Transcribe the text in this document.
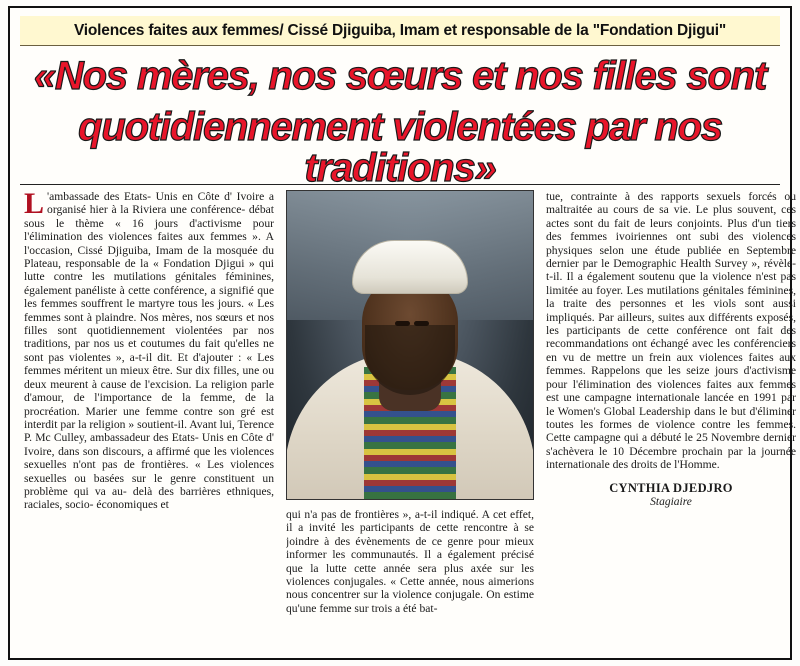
Violences faites aux femmes/ Cissé Djiguiba, Imam et responsable de la "Fondation Djigui"
«Nos mères, nos sœurs et nos filles sont
quotidiennement violentées par nos traditions»
L 'ambassade des Etats- Unis en Côte d' Ivoire a organisé hier à la Riviera une conférence- débat sous le thème « 16 jours d'activisme pour l'élimination des violences faites aux femmes ». A l'occasion, Cissé Djiguiba, Imam de la mosquée du Plateau, responsable de la « Fondation Djigui » qui lutte contre les mutilations génitales féminines, également panéliste à cette conférence, a signifié que les femmes souffrent le martyre tous les jours. « Les femmes sont à plaindre. Nos mères, nos sœurs et nos filles sont quotidiennement violentées par nos traditions, par nos us et coutumes du fait qu'elles ne sont pas violentes », a-t-il dit. Et d'ajouter : « Les femmes méritent un mieux être. Sur dix filles, une ou deux meurent à cause de l'excision. La religion parle d'amour, de l'importance de la femme, de la procréation. Marier une femme contre son gré est interdit par la religion » soutient-il. Avant lui, Terence P. Mc Culley, ambassadeur des Etats- Unis en Côte d' Ivoire, dans son discours, a affirmé que les violences sexuelles n'ont pas de frontières. « Les violences sexuelles ou basées sur le genre constituent un problème qui va au- delà des barrières ethniques, raciales, socio- économiques et

qui n'a pas de frontières », a-t-il indiqué. A cet effet, il a invité les participants de cette rencontre à se joindre à des évènements de ce genre pour mieux informer les communautés. Il a également précisé que la lutte cette année sera plus axée sur les violences conjugales. « Cette année, nous aimerions nous concentrer sur la violence conjugale. On estime qu'une femme sur trois a été bat-

tue, contrainte à des rapports sexuels forcés ou maltraitée au cours de sa vie. Le plus souvent, ces actes sont du fait de leurs conjoints. Plus d'un tiers des femmes ivoiriennes ont subi des violences physiques selon une étude publiée en Septembre dernier par le Demographic Health Survey », révèle-t-il. Il a également soutenu que la violence n'est pas limitée au foyer. Les mutilations génitales féminines, la traite des personnes et les viols sont aussi impliqués. Par ailleurs, suites aux différents exposés, les participants de cette conférence ont fait des recommandations ont échangé avec les conférenciers en vu de mettre un frein aux violences faites aux femmes. Rappelons que les seize jours d'activisme pour l'élimination des violences faites aux femmes est une campagne internationale lancée en 1991 par le Women's Global Leadership dans le but d'éliminer toutes les formes de violence contre les femmes. Cette campagne qui a débuté le 25 Novembre dernier s'achèvera le 10 Décembre prochain par la journée internationale des droits de l'Homme.

CYNTHIA DJEDJRO
Stagiaire
